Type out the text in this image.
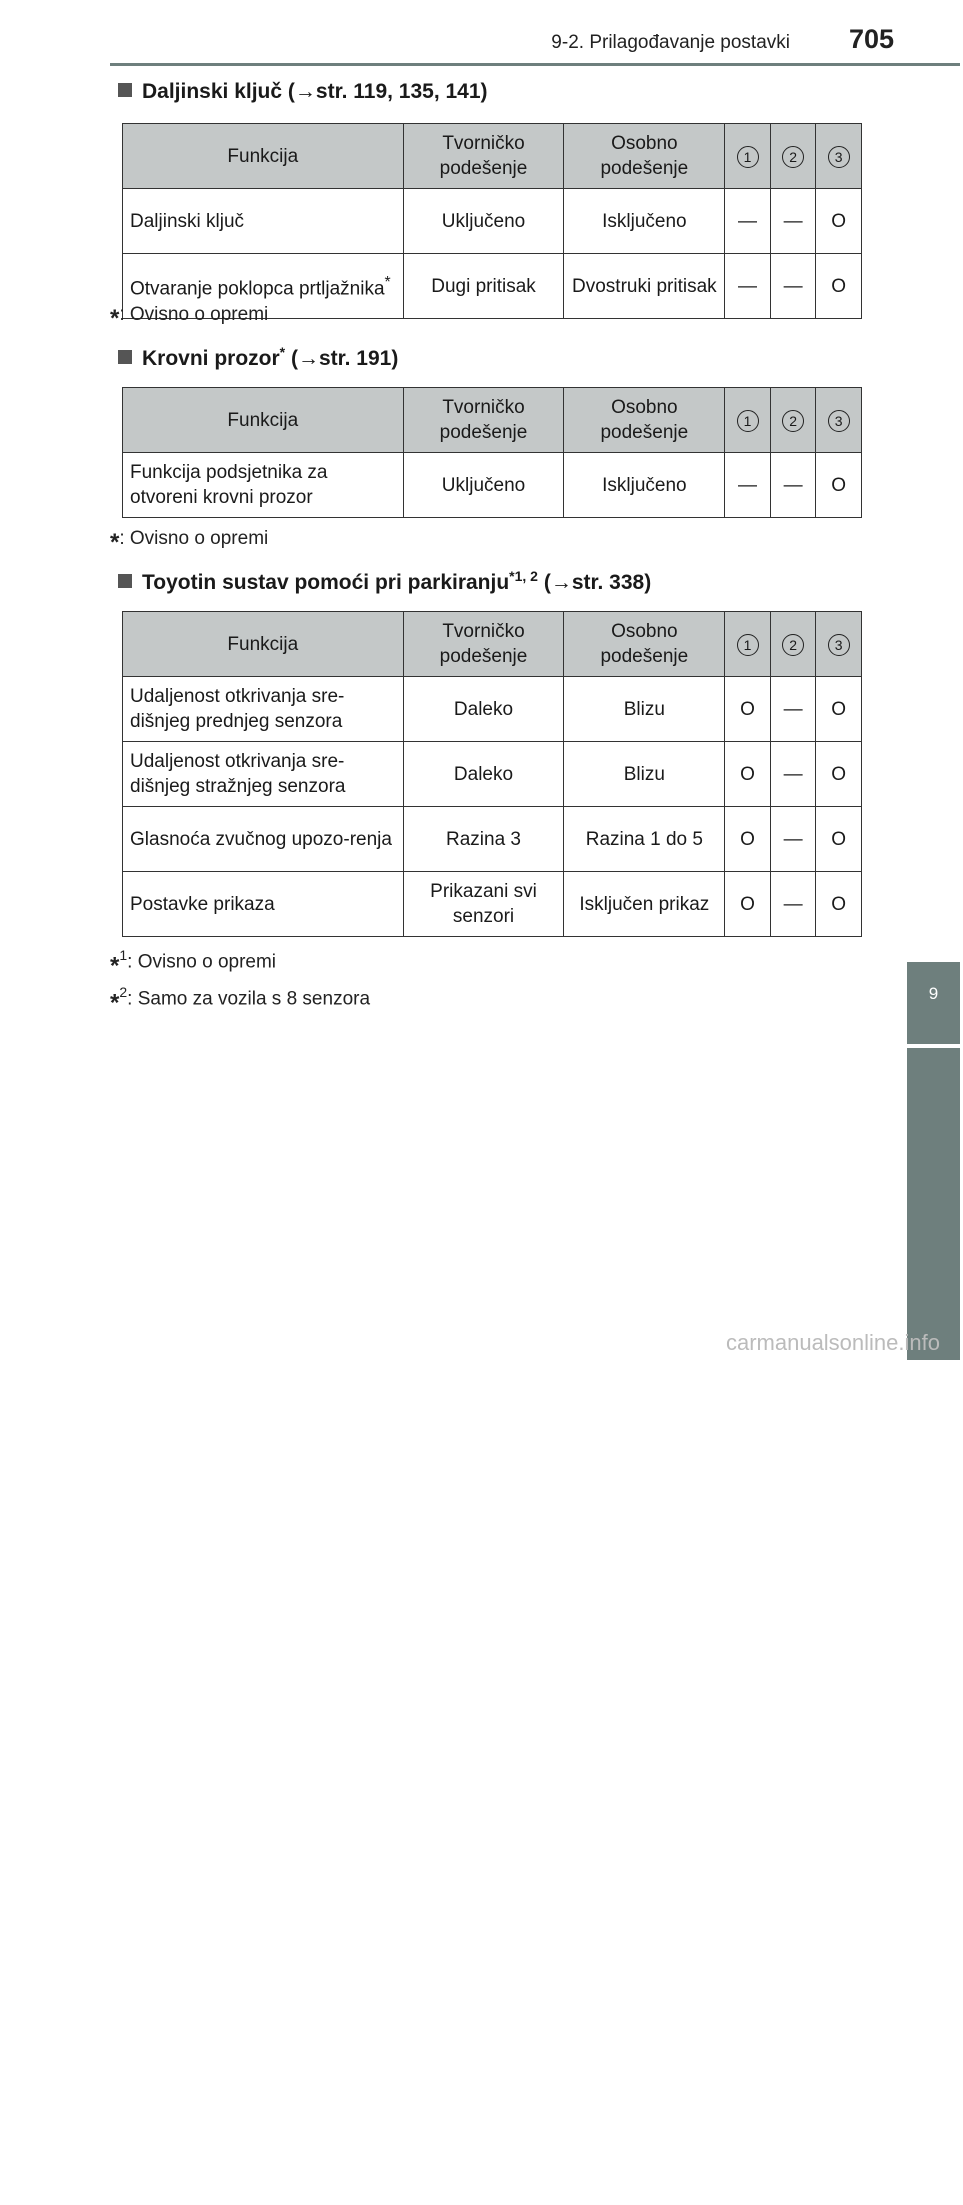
9-2. Prilagođavanje postavki 705
9
Specifikacije vozila
Daljinski ključ (→str. 119, 135, 141)
Funkcija	Tvorničko podešenje	Osobno podešenje	1	2	3
Daljinski ključ	Uključeno	Isključeno	—	—	O
Otvaranje poklopca prtljažnika*	Dugi pritisak	Dvostruki pritisak	—	—	O
*: Ovisno o opremi
Krovni prozor* (→str. 191)
Funkcija	Tvorničko podešenje	Osobno podešenje	1	2	3
Funkcija podsjetnika za otvoreni krovni prozor	Uključeno	Isključeno	—	—	O
*: Ovisno o opremi
Toyotin sustav pomoći pri parkiranju$^{*1, 2}$ (→str. 338)
Funkcija	Tvorničko podešenje	Osobno podešenje	1	2	3
Udaljenost otkrivanja sre-dišnjeg prednjeg senzora	Daleko	Blizu	O	—	O
Udaljenost otkrivanja sre-dišnjeg stražnjeg senzora	Daleko	Blizu	O	—	O
Glasnoća zvučnog upozo-renja	Razina 3	Razina 1 do 5	O	—	O
Postavke prikaza	Prikazani svi senzori	Isključen prikaz	O	—	O
*$^1$: Ovisno o opremi
*$^2$: Samo za vozila s 8 senzora
carmanualsonline.info
